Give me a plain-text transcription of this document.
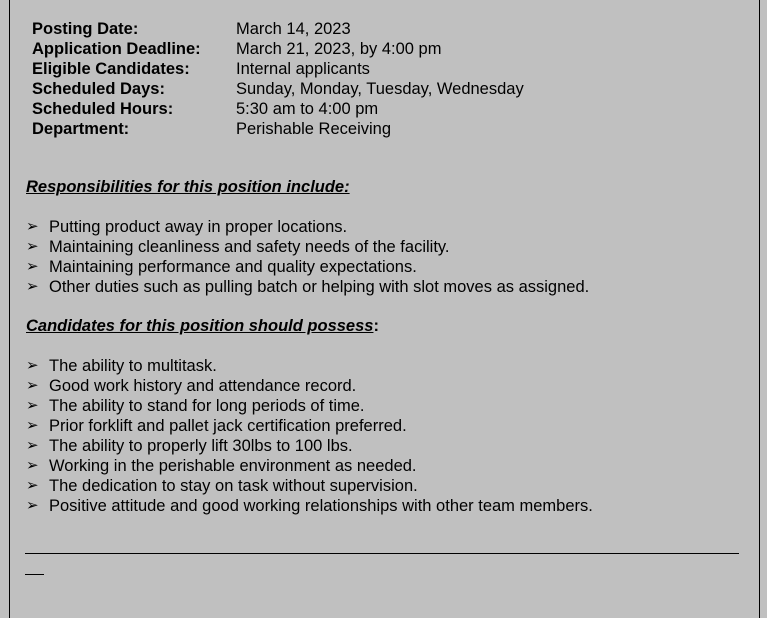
Posting Date:	March 14, 2023
Application Deadline:	March 21, 2023, by 4:00 pm
Eligible Candidates:	Internal applicants
Scheduled Days:	Sunday, Monday, Tuesday, Wednesday
Scheduled Hours:	5:30 am to 4:00 pm
Department:	Perishable Receiving
Responsibilities for this position include:
➢ Putting product away in proper locations.
➢ Maintaining cleanliness and safety needs of the facility.
➢ Maintaining performance and quality expectations.
➢ Other duties such as pulling batch or helping with slot moves as assigned.
Candidates for this position should possess:
➢ The ability to multitask.
➢ Good work history and attendance record.
➢ The ability to stand for long periods of time.
➢ Prior forklift and pallet jack certification preferred.
➢ The ability to properly lift 30lbs to 100 lbs.
➢ Working in the perishable environment as needed.
➢ The dedication to stay on task without supervision.
➢ Positive attitude and good working relationships with other team members.
